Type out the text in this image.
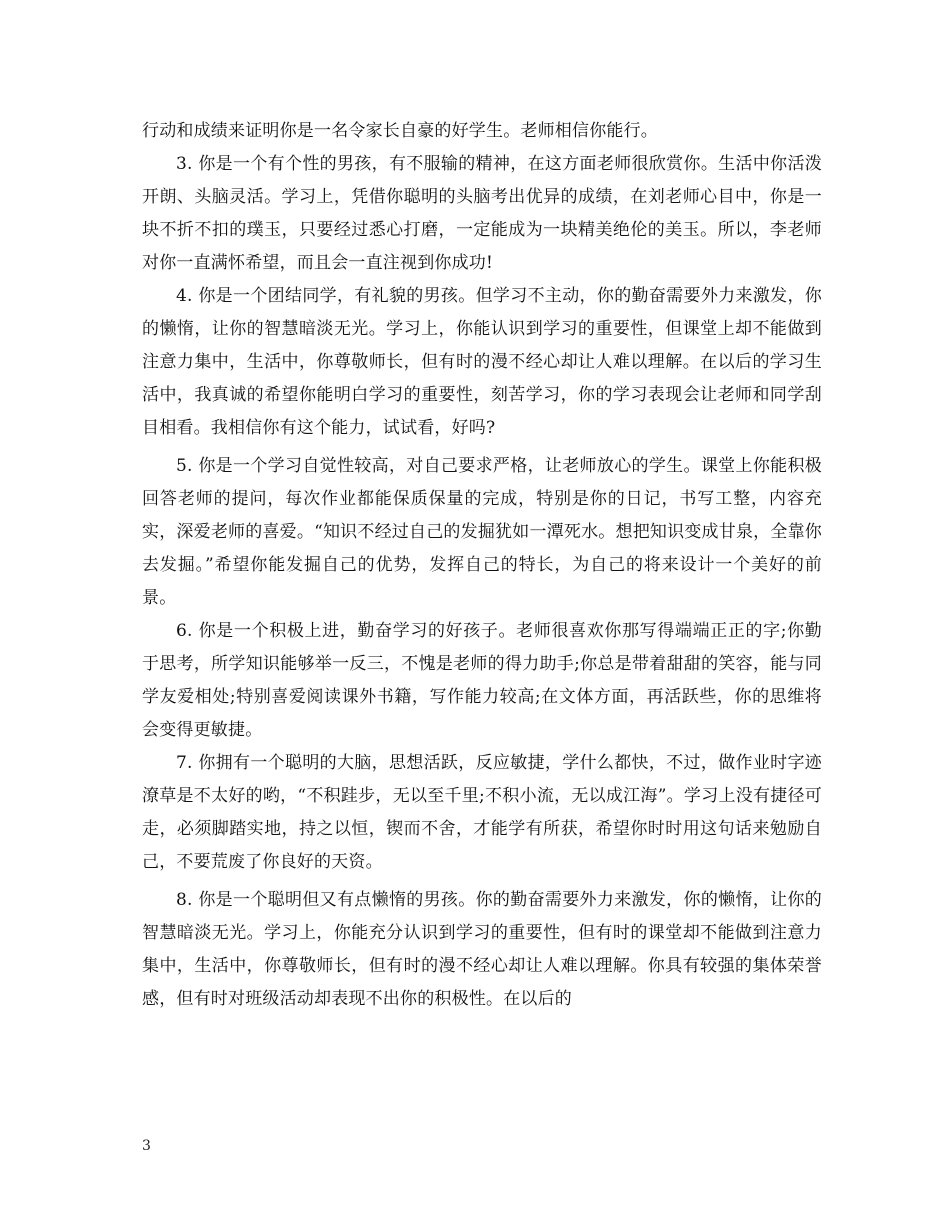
行动和成绩来证明你是一名令家长自豪的好学生。老师相信你能行。

3. 你是一个有个性的男孩，有不服输的精神，在这方面老师很欣赏你。生活中你活泼开朗、头脑灵活。学习上，凭借你聪明的头脑考出优异的成绩，在刘老师心目中，你是一块不折不扣的璞玉，只要经过悉心打磨，一定能成为一块精美绝伦的美玉。所以，李老师对你一直满怀希望，而且会一直注视到你成功!

4. 你是一个团结同学，有礼貌的男孩。但学习不主动，你的勤奋需要外力来激发，你的懒惰，让你的智慧暗淡无光。学习上，你能认识到学习的重要性，但课堂上却不能做到注意力集中，生活中，你尊敬师长，但有时的漫不经心却让人难以理解。在以后的学习生活中，我真诚的希望你能明白学习的重要性，刻苦学习，你的学习表现会让老师和同学刮目相看。我相信你有这个能力，试试看，好吗?

5. 你是一个学习自觉性较高，对自己要求严格，让老师放心的学生。课堂上你能积极回答老师的提问，每次作业都能保质保量的完成，特别是你的日记，书写工整，内容充实，深爱老师的喜爱。“知识不经过自己的发掘犹如一潭死水。想把知识变成甘泉，全靠你去发掘。”希望你能发掘自己的优势，发挥自己的特长，为自己的将来设计一个美好的前景。

6. 你是一个积极上进，勤奋学习的好孩子。老师很喜欢你那写得端端正正的字;你勤于思考，所学知识能够举一反三，不愧是老师的得力助手;你总是带着甜甜的笑容，能与同学友爱相处;特别喜爱阅读课外书籍，写作能力较高;在文体方面，再活跃些，你的思维将会变得更敏捷。

7. 你拥有一个聪明的大脑，思想活跃，反应敏捷，学什么都快，不过，做作业时字迹潦草是不太好的哟，“不积跬步，无以至千里;不积小流，无以成江海”。学习上没有捷径可走，必须脚踏实地，持之以恒，锲而不舍，才能学有所获，希望你时时用这句话来勉励自己，不要荒废了你良好的天资。

8. 你是一个聪明但又有点懒惰的男孩。你的勤奋需要外力来激发，你的懒惰，让你的智慧暗淡无光。学习上，你能充分认识到学习的重要性，但有时的课堂却不能做到注意力集中，生活中，你尊敬师长，但有时的漫不经心却让人难以理解。你具有较强的集体荣誉感，但有时对班级活动却表现不出你的积极性。在以后的

3
